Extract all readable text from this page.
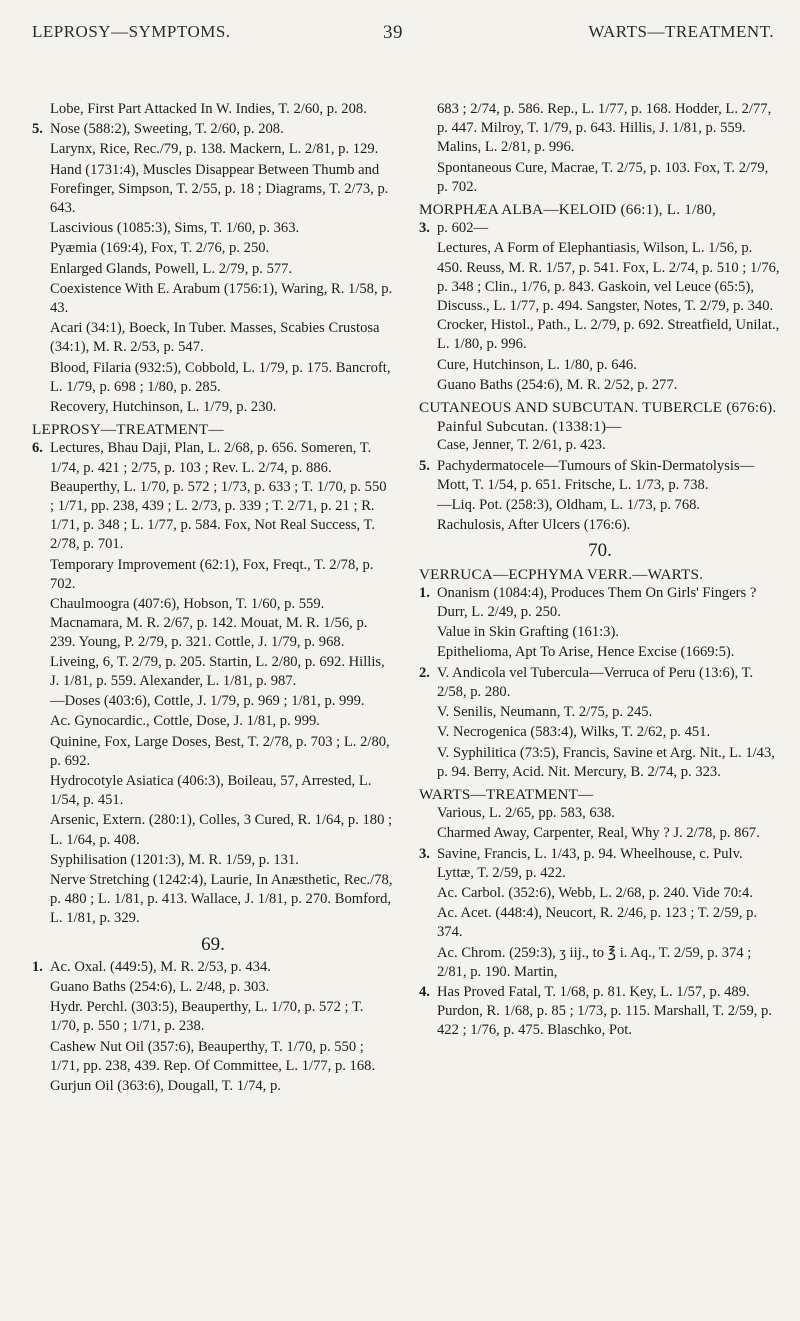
LEPROSY—SYMPTOMS.	39	WARTS—TREATMENT.
Lobe, First Part Attacked In W. Indies, T. 2/60, p. 208.
5. Nose (588:2), Sweeting, T. 2/60, p. 208.
Larynx, Rice, Rec./79, p. 138. Mackern, L. 2/81, p. 129.
Hand (1731:4), Muscles Disappear Between Thumb and Forefinger, Simpson, T. 2/55, p. 18 ; Diagrams, T. 2/73, p. 643.
Lascivious (1085:3), Sims, T. 1/60, p. 363.
Pyæmia (169:4), Fox, T. 2/76, p. 250.
Enlarged Glands, Powell, L. 2/79, p. 577.
Coexistence With E. Arabum (1756:1), Waring, R. 1/58, p. 43.
Acari (34:1), Boeck, In Tuber. Masses, Scabies Crustosa (34:1), M. R. 2/53, p. 547.
Blood, Filaria (932:5), Cobbold, L. 1/79, p. 175. Bancroft, L. 1/79, p. 698 ; 1/80, p. 285.
Recovery, Hutchinson, L. 1/79, p. 230.
LEPROSY—TREATMENT—
6. Lectures, Bhau Daji, Plan, L. 2/68, p. 656. Someren, T. 1/74, p. 421 ; 2/75, p. 103 ; Rev. L. 2/74, p. 886. Beauperthy, L. 1/70, p. 572 ; 1/73, p. 633 ; T. 1/70, p. 550 ; 1/71, pp. 238, 439 ; L. 2/73, p. 339 ; T. 2/71, p. 21 ; R. 1/71, p. 348 ; L. 1/77, p. 584. Fox, Not Real Success, T. 2/78, p. 701.
Temporary Improvement (62:1), Fox, Freqt., T. 2/78, p. 702.
Chaulmoogra (407:6), Hobson, T. 1/60, p. 559. Macnamara, M. R. 2/67, p. 142. Mouat, M. R. 1/56, p. 239. Young, P. 2/79, p. 321. Cottle, J. 1/79, p. 968. Liveing, 6, T. 2/79, p. 205. Startin, L. 2/80, p. 692. Hillis, J. 1/81, p. 559. Alexander, L. 1/81, p. 987.
—Doses (403:6), Cottle, J. 1/79, p. 969 ; 1/81, p. 999.
Ac. Gynocardic., Cottle, Dose, J. 1/81, p. 999.
Quinine, Fox, Large Doses, Best, T. 2/78, p. 703 ; L. 2/80, p. 692.
Hydrocotyle Asiatica (406:3), Boileau, 57, Arrested, L. 1/54, p. 451.
Arsenic, Extern. (280:1), Colles, 3 Cured, R. 1/64, p. 180 ; L. 1/64, p. 408.
Syphilisation (1201:3), M. R. 1/59, p. 131.
Nerve Stretching (1242:4), Laurie, In Anæsthetic, Rec./78, p. 480 ; L. 1/81, p. 413. Wallace, J. 1/81, p. 270. Bomford, L. 1/81, p. 329.
69.
1. Ac. Oxal. (449:5), M. R. 2/53, p. 434.
Guano Baths (254:6), L. 2/48, p. 303.
Hydr. Perchl. (303:5), Beauperthy, L. 1/70, p. 572 ; T. 1/70, p. 550 ; 1/71, p. 238.
Cashew Nut Oil (357:6), Beauperthy, T. 1/70, p. 550 ; 1/71, pp. 238, 439. Rep. Of Committee, L. 1/77, p. 168.
Gurjun Oil (363:6), Dougall, T. 1/74, p.
683 ; 2/74, p. 586. Rep., L. 1/77, p. 168. Hodder, L. 2/77, p. 447. Milroy, T. 1/79, p. 643. Hillis, J. 1/81, p. 559. Malins, L. 2/81, p. 996.
Spontaneous Cure, Macrae, T. 2/75, p. 103. Fox, T. 2/79, p. 702.
MORPHÆA ALBA—KELOID (66:1), L. 1/80,
3. p. 602—
Lectures, A Form of Elephantiasis, Wilson, L. 1/56, p. 450. Reuss, M. R. 1/57, p. 541. Fox, L. 2/74, p. 510 ; 1/76, p. 348 ; Clin., 1/76, p. 843. Gaskoin, vel Leuce (65:5), Discuss., L. 1/77, p. 494. Sangster, Notes, T. 2/79, p. 340. Crocker, Histol., Path., L. 2/79, p. 692. Streatfield, Unilat., L. 1/80, p. 996.
Cure, Hutchinson, L. 1/80, p. 646.
Guano Baths (254:6), M. R. 2/52, p. 277.
CUTANEOUS AND SUBCUTAN. TUBERCLE (676:6). Painful Subcutan. (1338:1)—
Case, Jenner, T. 2/61, p. 423.
5. Pachydermatocele—Tumours of Skin-Dermatolysis—Mott, T. 1/54, p. 651. Fritsche, L. 1/73, p. 738.
—Liq. Pot. (258:3), Oldham, L. 1/73, p. 768.
Rachulosis, After Ulcers (176:6).
70.
VERRUCA—ECPHYMA VERR.—WARTS.
1. Onanism (1084:4), Produces Them On Girls' Fingers ? Durr, L. 2/49, p. 250.
Value in Skin Grafting (161:3).
Epithelioma, Apt To Arise, Hence Excise (1669:5).
2. V. Andicola vel Tubercula—Verruca of Peru (13:6), T. 2/58, p. 280.
V. Senilis, Neumann, T. 2/75, p. 245.
V. Necrogenica (583:4), Wilks, T. 2/62, p. 451.
V. Syphilitica (73:5), Francis, Savine et Arg. Nit., L. 1/43, p. 94. Berry, Acid. Nit. Mercury, B. 2/74, p. 323.
WARTS—TREATMENT—
Various, L. 2/65, pp. 583, 638.
Charmed Away, Carpenter, Real, Why ? J. 2/78, p. 867.
3. Savine, Francis, L. 1/43, p. 94. Wheelhouse, c. Pulv. Lyttæ, T. 2/59, p. 422.
Ac. Carbol. (352:6), Webb, L. 2/68, p. 240. Vide 70:4.
Ac. Acet. (448:4), Neucort, R. 2/46, p. 123 ; T. 2/59, p. 374.
Ac. Chrom. (259:3), ʒ iij., to ℥ i. Aq., T. 2/59, p. 374 ; 2/81, p. 190. Martin,
4. Has Proved Fatal, T. 1/68, p. 81. Key, L. 1/57, p. 489. Purdon, R. 1/68, p. 85 ; 1/73, p. 115. Marshall, T. 2/59, p. 422 ; 1/76, p. 475. Blaschko, Pot.
